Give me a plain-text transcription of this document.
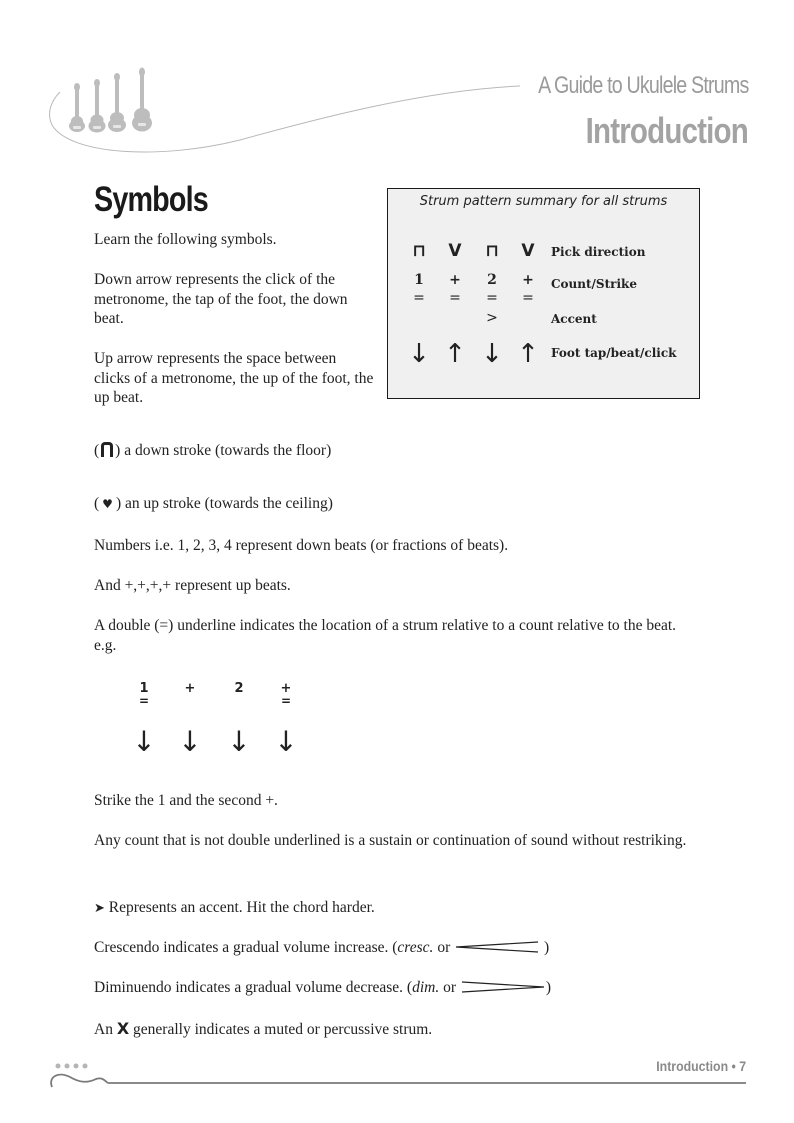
A Guide to Ukulele Strums
Introduction
Symbols
Learn the following symbols.
Down arrow represents the click of the metronome, the tap of the foot, the down beat.
Up arrow represents the space between clicks of a metronome, the up of the foot, the up beat.
Strum pattern summary for all strums
⊓
1
=
↓
V
+
=
↑
⊓
2
=
>
↓
V
+
=
↑
Pick direction
Count/Strike
Accent
Foot tap/beat/click
( ) a down stroke (towards the floor)
( ♥ ) an up stroke (towards the ceiling)
Numbers i.e. 1, 2, 3, 4 represent down beats (or fractions of beats).
And +,+,+,+ represent up beats.
A double (=) underline indicates the location of a strum relative to a count relative to the beat. e.g.
1
=
↓
+
↓
2
↓
+
=
↓
Strike the 1 and the second +.
Any count that is not double underlined is a sustain or continuation of sound without restriking.
➤ Represents an accent. Hit the chord harder.
Crescendo indicates a gradual volume increase. (cresc. or	)
Diminuendo indicates a gradual volume decrease. (dim. or	)
An X generally indicates a muted or percussive strum.
Introduction • 7
